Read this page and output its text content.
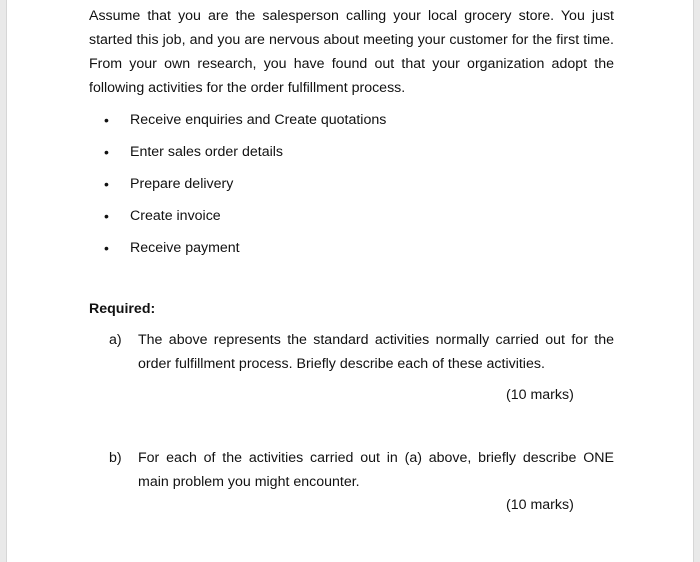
Assume that you are the salesperson calling your local grocery store. You just started this job, and you are nervous about meeting your customer for the first time. From your own research, you have found out that your organization adopt the following activities for the order fulfillment process.

•	Receive enquiries and Create quotations
•	Enter sales order details
•	Prepare delivery
•	Create invoice
•	Receive payment
Required:
a) The above represents the standard activities normally carried out for the order fulfillment process. Briefly describe each of these activities.

(10 marks)
b) For each of the activities carried out in (a) above, briefly describe ONE main problem you might encounter.

(10 marks)
